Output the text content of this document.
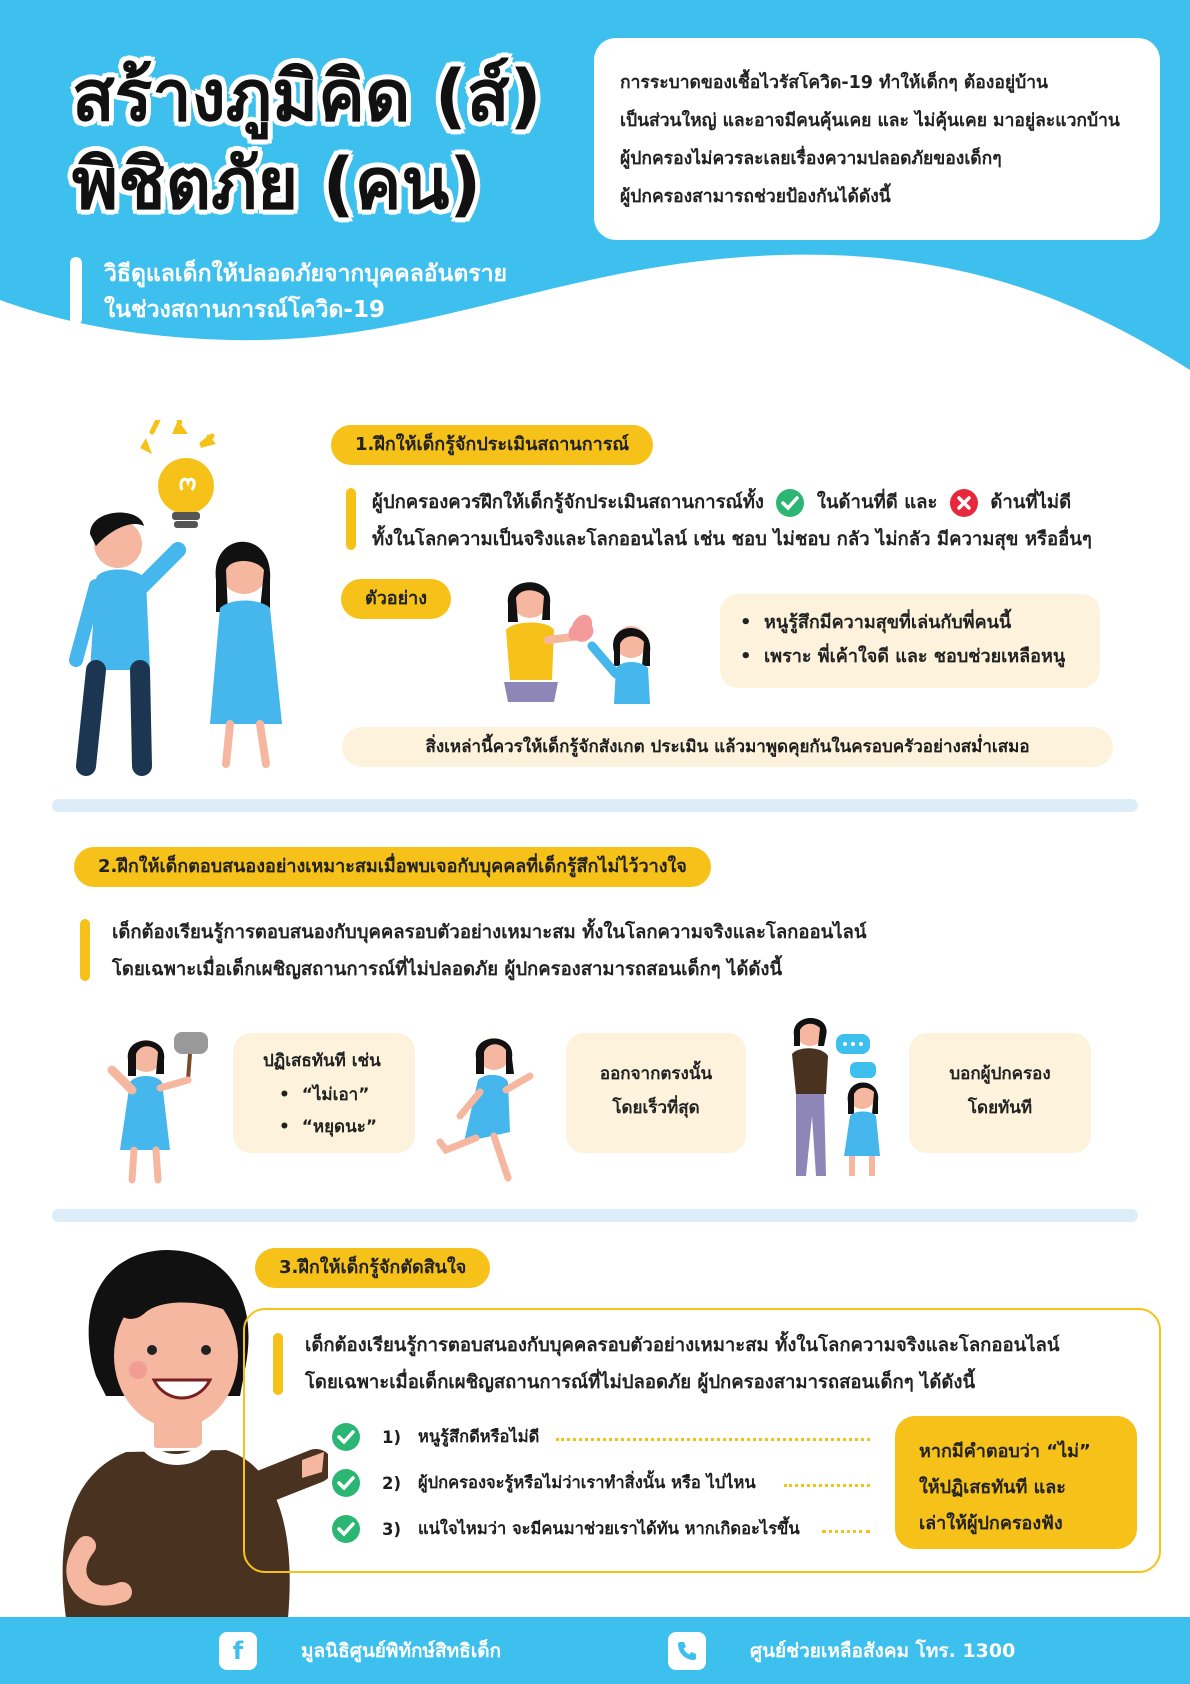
สร้างภูมิคิด (ส์)
พิชิตภัย (คน)
วิธีดูแลเด็กให้ปลอดภัยจากบุคคลอันตราย
ในช่วงสถานการณ์โควิด-19

การระบาดของเชื้อไวรัสโควิด-19 ทำให้เด็กๆ ต้องอยู่บ้าน

เป็นส่วนใหญ่ และอาจมีคนคุ้นเคย และ ไม่คุ้นเคย มาอยู่ละแวกบ้าน

ผู้ปกครองไม่ควรละเลยเรื่องความปลอดภัยของเด็กๆ

ผู้ปกครองสามารถช่วยป้องกันได้ดังนี้

1.ฝึกให้เด็กรู้จักประเมินสถานการณ์
ผู้ปกครองควรฝึกให้เด็กรู้จักประเมินสถานการณ์ทั้ง	ในด้านที่ดี และ	ด้านที่ไม่ดี
ทั้งในโลกความเป็นจริงและโลกออนไลน์ เช่น ชอบ ไม่ชอบ กลัว ไม่กลัว มีความสุข หรืออื่นๆ
ตัวอย่าง
•  หนูรู้สึกมีความสุขที่เล่นกับพี่คนนี้
•  เพราะ พี่เค้าใจดี และ ชอบช่วยเหลือหนู
สิ่งเหล่านี้ควรให้เด็กรู้จักสังเกต ประเมิน แล้วมาพูดคุยกันในครอบครัวอย่างสม่ำเสมอ
2.ฝึกให้เด็กตอบสนองอย่างเหมาะสมเมื่อพบเจอกับบุคคลที่เด็กรู้สึกไม่ไว้วางใจ
เด็กต้องเรียนรู้การตอบสนองกับบุคคลรอบตัวอย่างเหมาะสม ทั้งในโลกความจริงและโลกออนไลน์
โดยเฉพาะเมื่อเด็กเผชิญสถานการณ์ที่ไม่ปลอดภัย ผู้ปกครองสามารถสอนเด็กๆ ได้ดังนี้
ปฏิเสธทันที เช่น
•  “ไม่เอา”
•  “หยุดนะ”
ออกจากตรงนั้น
โดยเร็วที่สุด
บอกผู้ปกครอง
โดยทันที
3.ฝึกให้เด็กรู้จักตัดสินใจ
เด็กต้องเรียนรู้การตอบสนองกับบุคคลรอบตัวอย่างเหมาะสม ทั้งในโลกความจริงและโลกออนไลน์
โดยเฉพาะเมื่อเด็กเผชิญสถานการณ์ที่ไม่ปลอดภัย ผู้ปกครองสามารถสอนเด็กๆ ได้ดังนี้
1)	หนูรู้สึกดีหรือไม่ดี
2)	ผู้ปกครองจะรู้หรือไม่ว่าเราทำสิ่งนั้น หรือ ไปไหน
3)	แน่ใจไหมว่า จะมีคนมาช่วยเราได้ทัน หากเกิดอะไรขึ้น
หากมีคำตอบว่า “ไม่”
ให้ปฏิเสธทันที และ
เล่าให้ผู้ปกครองฟัง
f	มูลนิธิศูนย์พิทักษ์สิทธิเด็ก	ศูนย์ช่วยเหลือสังคม โทร. 1300
